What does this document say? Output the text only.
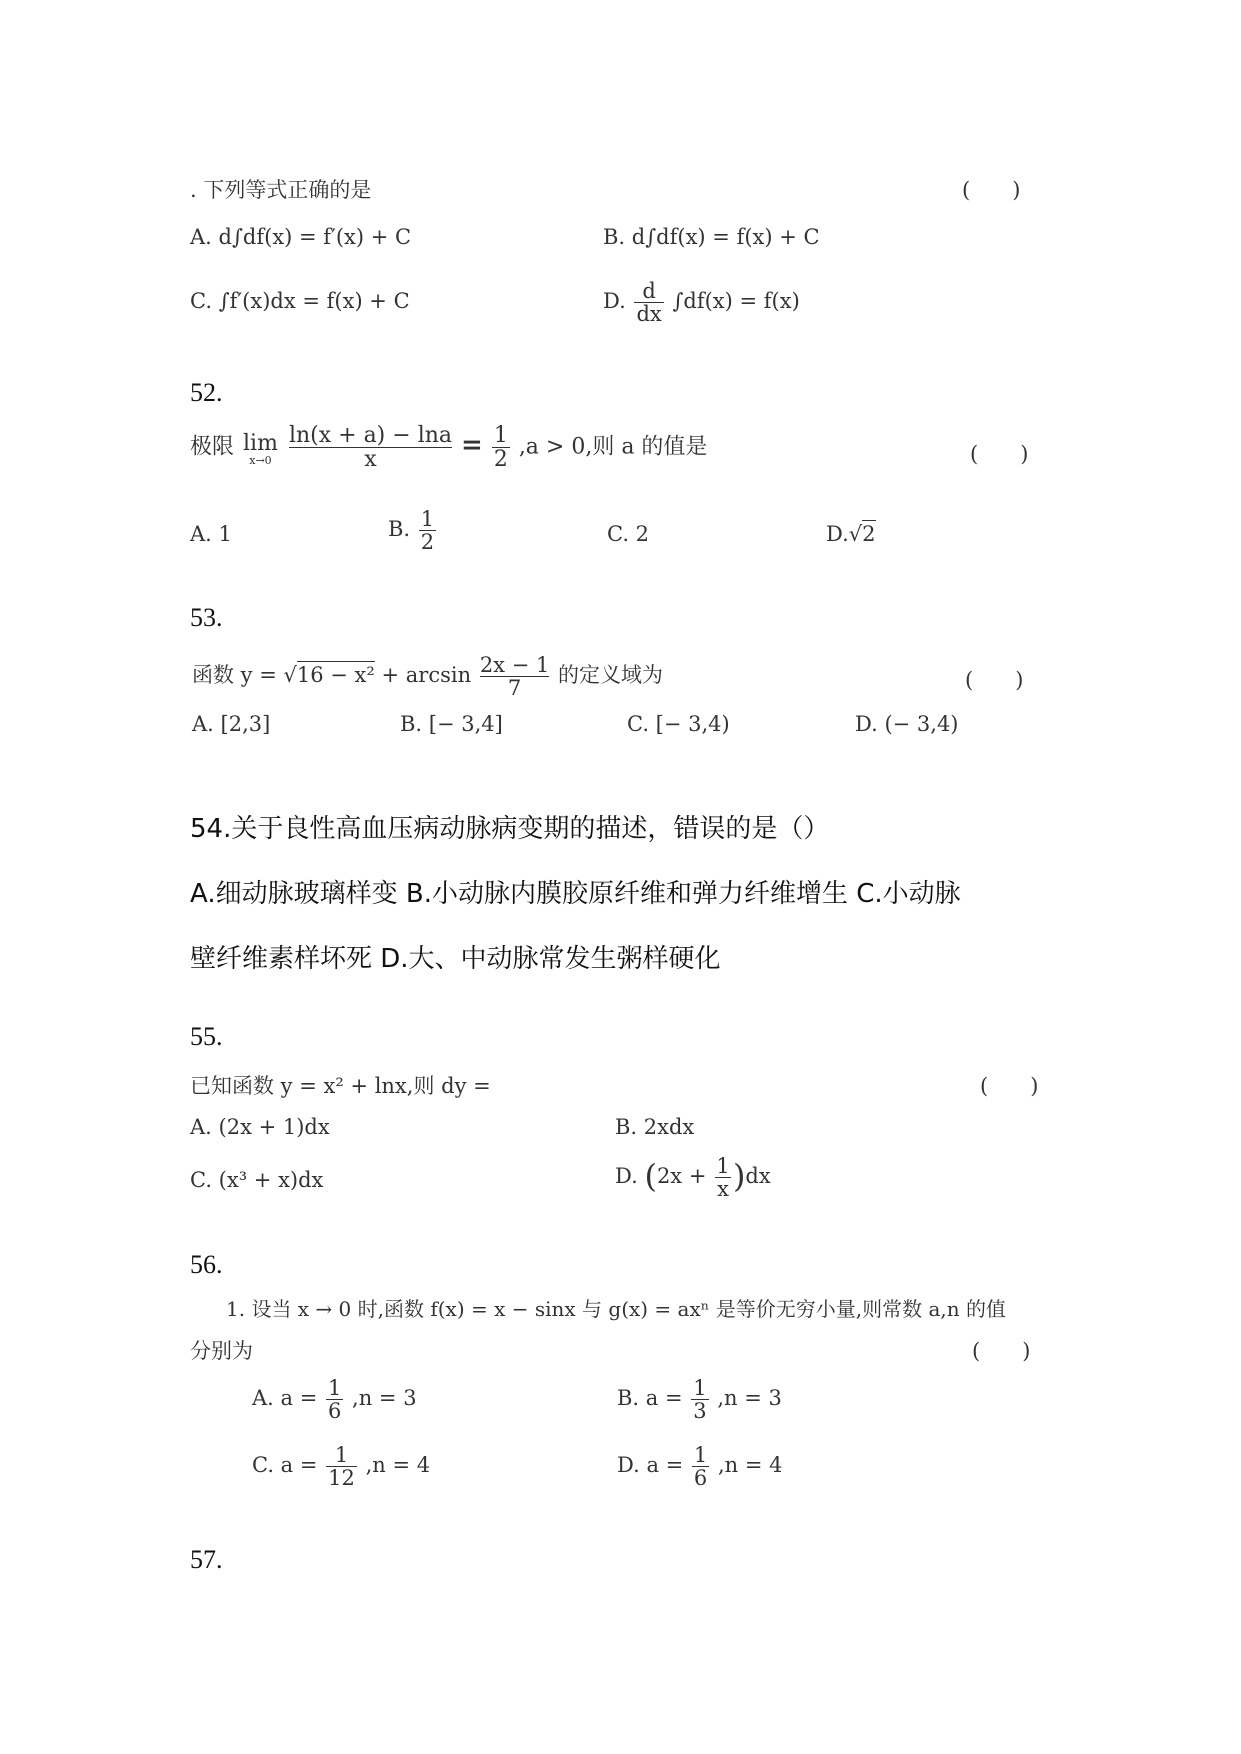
. 下列等式正确的是	(　　)
A. d∫df(x) = f′(x) + C	B. d∫df(x) = f(x) + C
C. ∫f′(x)dx = f(x) + C	D. $\frac{d}{dx} \int df(x) = f(x)$
52.
极限 lim
x→0
$\frac{\ln(x + a) - \ln a}{x} = \frac{1}{2} ,a > 0$,则 a 的值是	(　　)
A. 1	B. $\frac{1}{2}$	C. 2	D.√2
53.
函数 $y = √16 - x^2 + \arcsin \frac{2x - 1}{7}$ 的定义域为	(　　)
A. [2,3]	B. [− 3,4]	C. [− 3,4)	D. (− 3,4)
54.关于良性高血压病动脉病变期的描述，错误的是（）
A.细动脉玻璃样变 B.小动脉内膜胶原纤维和弹力纤维增生 C.小动脉
壁纤维素样坏死 D.大、中动脉常发生粥样硬化
55.
已知函数 y = x² + lnx,则 dy =	(　　)
A. (2x + 1)dx	B. 2xdx
C. (x³ + x)dx	D. $(2x + \frac{1}{x} )dx$
56.
1. 设当 x → 0 时,函数 f(x) = x − sinx 与 g(x) = axⁿ 是等价无穷小量,则常数 a,n 的值
分别为	(　　)
A. $a = \frac{1}{6} ,n = 3$	B. $a = \frac{1}{3} ,n = 3$
C. $a = \frac{1}{12} ,n = 4$	D. $a = \frac{1}{6} ,n = 4$
57.
